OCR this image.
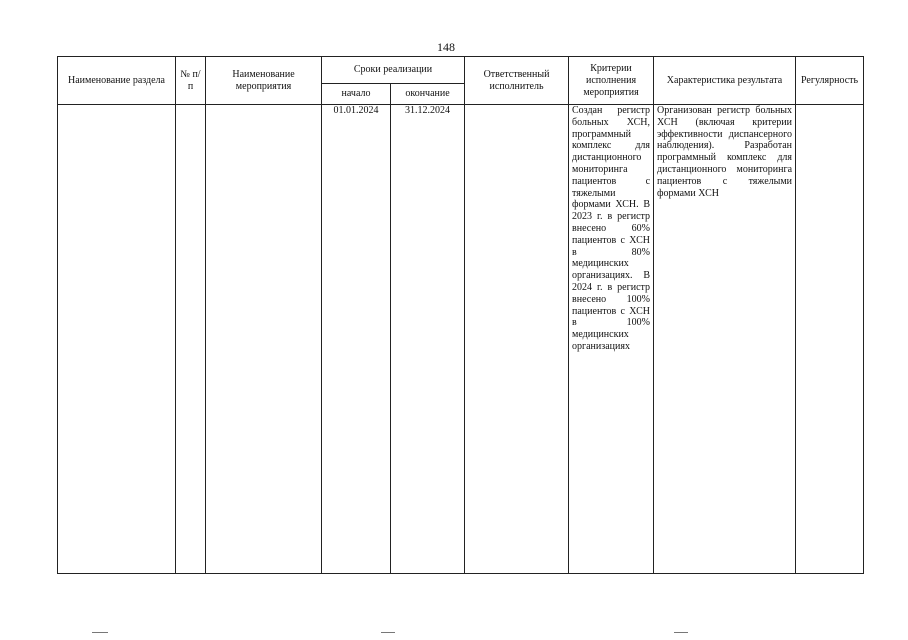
148
Наименование раздела	№ п/п	Наименование мероприятия	Сроки реализации		Ответственный исполнитель	Критерии исполнения мероприятия	Характеристика результата	Регулярность
			начало	окончание				
			01.01.2024	31.12.2024		Создан регистр больных ХСН, программный комплекс для дистанционного мониторинга пациентов с тяжелыми формами ХСН. В 2023 г. в регистр внесено 60% пациентов с ХСН в 80% медицинских организациях. В 2024 г. в регистр внесено 100% пациентов с ХСН в 100% медицинских организациях	Организован регистр больных ХСН (включая критерии эффективности диспансерного наблюдения). Разработан программный комплекс для дистанционного мониторинга пациентов с тяжелыми формами ХСН	
